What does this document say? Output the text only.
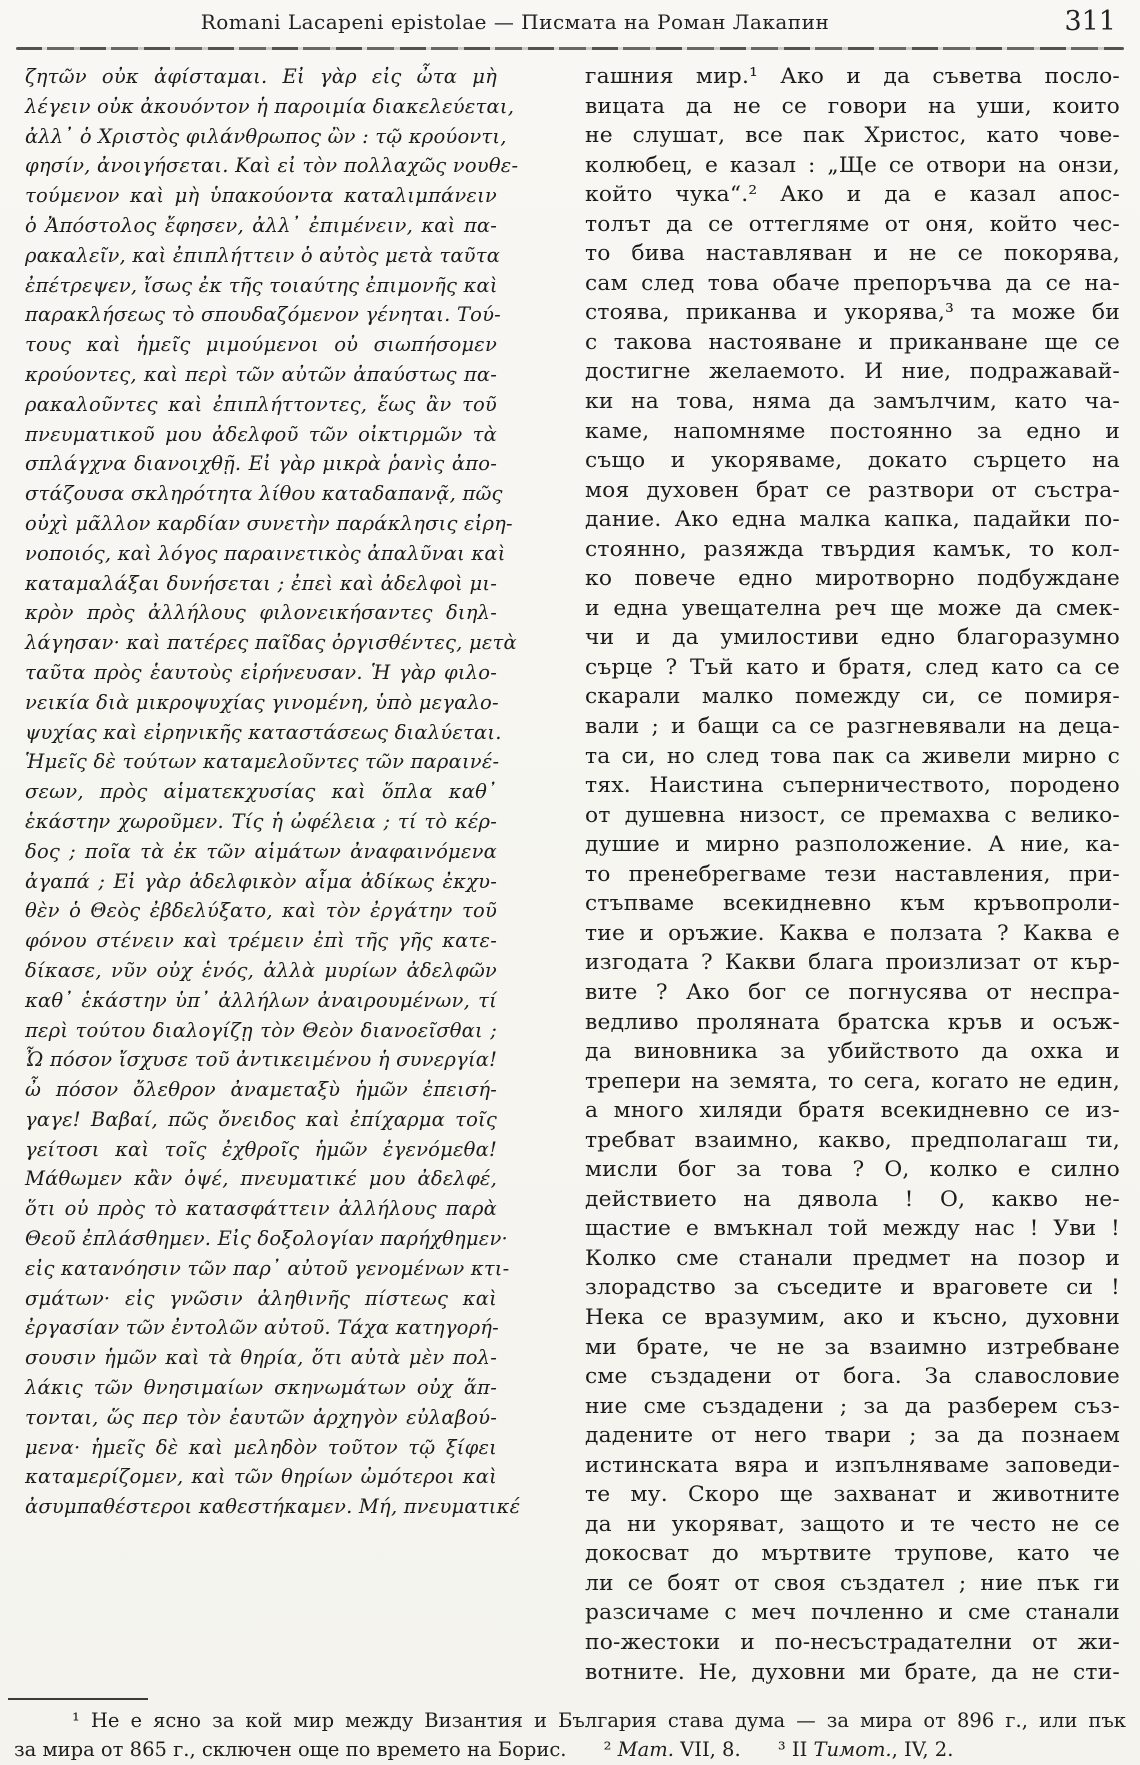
Romani Lacapeni epistolae — Писмата на Роман Лакапин	311
ζητῶν οὐκ ἀφίσταμαι. Εἰ γὰρ εἰς ὦτα μὴ
λέγειν οὐκ ἀκουόντον ἡ παροιμία διακελεύεται,
ἀλλ᾽ ὁ Χριστὸς φιλάνθρωπος ὢν : τῷ κρούοντι,
φησίν, ἀνοιγήσεται. Καὶ εἰ τὸν πολλαχῶς νουθε-
τούμενον καὶ μὴ ὑπακούοντα καταλιμπάνειν
ὁ Ἀπόστολος ἔφησεν, ἀλλ᾽ ἐπιμένειν, καὶ πα-
ρακαλεῖν, καὶ ἐπιπλήττειν ὁ αὐτὸς μετὰ ταῦτα
ἐπέτρεψεν, ἴσως ἐκ τῆς τοιαύτης ἐπιμονῆς καὶ
παρακλήσεως τὸ σπουδαζόμενον γένηται. Τού-
τους καὶ ἡμεῖς μιμούμενοι οὐ σιωπήσομεν
κρούοντες, καὶ περὶ τῶν αὐτῶν ἀπαύστως πα-
ρακαλοῦντες καὶ ἐπιπλήττοντες, ἕως ἂν τοῦ
πνευματικοῦ μου ἀδελφοῦ τῶν οἰκτιρμῶν τὰ
σπλάγχνα διανοιχθῇ. Εἰ γὰρ μικρὰ ῥανὶς ἀπο-
στάζουσα σκληρότητα λίθου καταδαπανᾷ, πῶς
οὐχὶ μᾶλλον καρδίαν συνετὴν παράκλησις εἰρη-
νοποιός, καὶ λόγος παραινετικὸς ἀπαλῦναι καὶ
καταμαλάξαι δυνήσεται ; ἐπεὶ καὶ ἀδελφοὶ μι-
κρὸν πρὸς ἀλλήλους φιλονεικήσαντες διηλ-
λάγησαν· καὶ πατέρες παῖδας ὀργισθέντες, μετὰ
ταῦτα πρὸς ἑαυτοὺς εἰρήνευσαν. Ἡ γὰρ φιλο-
νεικία διὰ μικροψυχίας γινομένη, ὑπὸ μεγαλο-
ψυχίας καὶ εἰρηνικῆς καταστάσεως διαλύεται.
Ἡμεῖς δὲ τούτων καταμελοῦντες τῶν παραινέ-
σεων, πρὸς αἱματεκχυσίας καὶ ὅπλα καθ᾽
ἑκάστην χωροῦμεν. Τίς ἡ ὠφέλεια ; τί τὸ κέρ-
δος ; ποῖα τὰ ἐκ τῶν αἱμάτων ἀναφαινόμενα
ἀγαπά ; Εἰ γὰρ ἀδελφικὸν αἷμα ἀδίκως ἐκχυ-
θὲν ὁ Θεὸς ἐβδελύξατο, καὶ τὸν ἐργάτην τοῦ
φόνου στένειν καὶ τρέμειν ἐπὶ τῆς γῆς κατε-
δίκασε, νῦν οὐχ ἑνός, ἀλλὰ μυρίων ἀδελφῶν
καθ᾽ ἑκάστην ὑπ᾽ ἀλλήλων ἀναιρουμένων, τί
περὶ τούτου διαλογίζῃ τὸν Θεὸν διανοεῖσθαι ;
Ὦ πόσον ἴσχυσε τοῦ ἀντικειμένου ἡ συνεργία!
ὦ πόσον ὄλεθρον ἀναμεταξὺ ἡμῶν ἐπεισή-
γαγε! Βαβαί, πῶς ὄνειδος καὶ ἐπίχαρμα τοῖς
γείτοσι καὶ τοῖς ἐχθροῖς ἡμῶν ἐγενόμεθα!
Μάθωμεν κἂν ὀψέ, πνευματικέ μου ἀδελφέ,
ὅτι οὐ πρὸς τὸ κατασφάττειν ἀλλήλους παρὰ
Θεοῦ ἐπλάσθημεν. Εἰς δοξολογίαν παρήχθημεν·
εἰς κατανόησιν τῶν παρ᾽ αὐτοῦ γενομένων κτι-
σμάτων· εἰς γνῶσιν ἀληθινῆς πίστεως καὶ
ἐργασίαν τῶν ἐντολῶν αὐτοῦ. Τάχα κατηγορή-
σουσιν ἡμῶν καὶ τὰ θηρία, ὅτι αὐτὰ μὲν πολ-
λάκις τῶν θνησιμαίων σκηνωμάτων οὐχ ἅπ-
τονται, ὥς περ τὸν ἑαυτῶν ἀρχηγὸν εὐλαβού-
μενα· ἡμεῖς δὲ καὶ μεληδὸν τοῦτον τῷ ξίφει
καταμερίζομεν, καὶ τῶν θηρίων ὠμότεροι καὶ
ἀσυμπαθέστεροι καθεστήκαμεν. Μή, πνευματικέ
гашния мир.¹ Ако и да съветва посло-
вицата да не се говори на уши, които
не слушат, все пак Христос, като чове-
колюбец, е казал : „Ще се отвори на онзи,
който чука“.² Ако и да е казал апос-
толът да се оттегляме от оня, който чес-
то бива наставляван и не се покорява,
сам след това обаче препоръчва да се на-
стоява, приканва и укорява,³ та може би
с такова настояване и приканване ще се
достигне желаемото. И ние, подражавай-
ки на това, няма да замълчим, като ча-
каме, напомняме постоянно за едно и
също и укоряваме, докато сърцето на
моя духовен брат се разтвори от състра-
дание. Ако една малка капка, падайки по-
стоянно, разяжда твърдия камък, то кол-
ко повече едно миротворно подбуждане
и една увещателна реч ще може да смек-
чи и да умилостиви едно благоразумно
сърце ? Тъй като и братя, след като са се
скарали малко помежду си, се помиря-
вали ; и бащи са се разгневявали на деца-
та си, но след това пак са живели мирно с
тях. Наистина съперничеството, породено
от душевна низост, се премахва с велико-
душие и мирно разположение. А ние, ка-
то пренебрегваме тези наставления, при-
стъпваме всекидневно към кръвопроли-
тие и оръжие. Каква е ползата ? Каква е
изгодата ? Какви блага произлизат от кър-
вите ? Ако бог се погнусява от неспра-
ведливо проляната братска кръв и осъж-
да виновника за убийството да охка и
трепери на земята, то сега, когато не един,
а много хиляди братя всекидневно се из-
требват взаимно, какво, предполагаш ти,
мисли бог за това ? О, колко е силно
действието на дявола ! О, какво не-
щастие е вмъкнал той между нас ! Уви !
Колко сме станали предмет на позор и
злорадство за съседите и враговете си !
Нека се вразумим, ако и късно, духовни
ми брате, че не за взаимно изтребване
сме създадени от бога. За славословие
ние сме създадени ; за да разберем съз-
дадените от него твари ; за да познаем
истинската вяра и изпълняваме заповеди-
те му. Скоро ще захванат и животните
да ни укоряват, защото и те често не се
докосват до мъртвите трупове, като че
ли се боят от своя създател ; ние пък ги
разсичаме с меч почленно и сме станали
по-жестоки и по-несъстрадателни от жи-
вотните. Не, духовни ми брате, да не сти-
¹ Не е ясно за кой мир между Византия и България става дума — за мира от 896 г., или пък
за мира от 865 г., сключен още по времето на Борис.      ² Мат. VII, 8.      ³ II Тимот., IV, 2.
